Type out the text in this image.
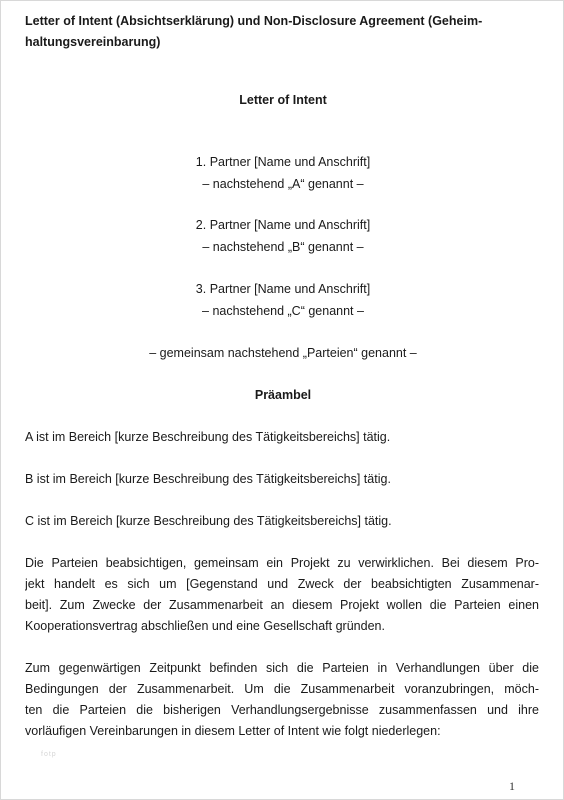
Letter of Intent (Absichtserklärung) und Non-Disclosure Agreement (Geheim-
haltungsvereinbarung)
Letter of Intent
1. Partner [Name und Anschrift]
– nachstehend „A“ genannt –
2. Partner [Name und Anschrift]
– nachstehend „B“ genannt –
3. Partner [Name und Anschrift]
– nachstehend „C“ genannt –
– gemeinsam nachstehend „Parteien“ genannt –
Präambel
A ist im Bereich [kurze Beschreibung des Tätigkeitsbereichs] tätig.
B ist im Bereich [kurze Beschreibung des Tätigkeitsbereichs] tätig.
C ist im Bereich [kurze Beschreibung des Tätigkeitsbereichs] tätig.
Die Parteien beabsichtigen, gemeinsam ein Projekt zu verwirklichen. Bei diesem Pro-
jekt handelt es sich um [Gegenstand und Zweck der beabsichtigten Zusammenar-
beit]. Zum Zwecke der Zusammenarbeit an diesem Projekt wollen die Parteien einen
Kooperationsvertrag abschließen und eine Gesellschaft gründen.
Zum gegenwärtigen Zeitpunkt befinden sich die Parteien in Verhandlungen über die
Bedingungen der Zusammenarbeit. Um die Zusammenarbeit voranzubringen, möch-
ten die Parteien die bisherigen Verhandlungsergebnisse zusammenfassen und ihre
vorläufigen Vereinbarungen in diesem Letter of Intent wie folgt niederlegen:
fotp
1
